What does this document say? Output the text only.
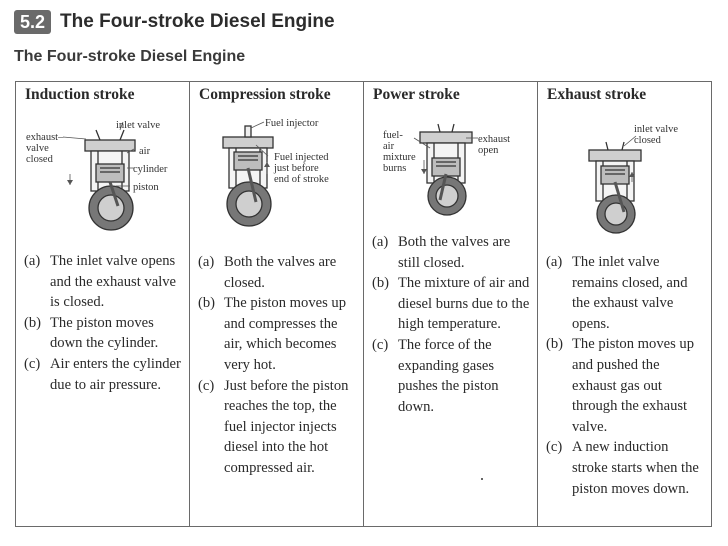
5.2 The Four-stroke Diesel Engine
The Four-stroke Diesel Engine
Induction stroke
inlet valve
exhaust–
valve
closed
air
cylinder
piston
(a) The inlet valve opens and the exhaust valve is closed.
(b) The piston moves down the cylinder.
(c) Air enters the cylinder due to air pressure.
Compression stroke
Fuel injector
Fuel injected
just before
end of stroke
(a) Both the valves are closed.
(b) The piston moves up and compresses the air, which becomes very hot.
(c) Just before the piston reaches the top, the fuel injector injects diesel into the hot compressed air.
Power stroke
fuel-
air
mixture
burns
exhaust
open
(a) Both the valves are still closed.
(b) The mixture of air and diesel burns due to the high temperature.
(c) The force of the expanding gases pushes the piston down.
Exhaust stroke
inlet valve
closed
(a) The inlet valve remains closed, and the exhaust valve opens.
(b) The piston moves up and pushed the exhaust gas out through the exhaust valve.
(c) A new induction stroke starts when the piston moves down.
